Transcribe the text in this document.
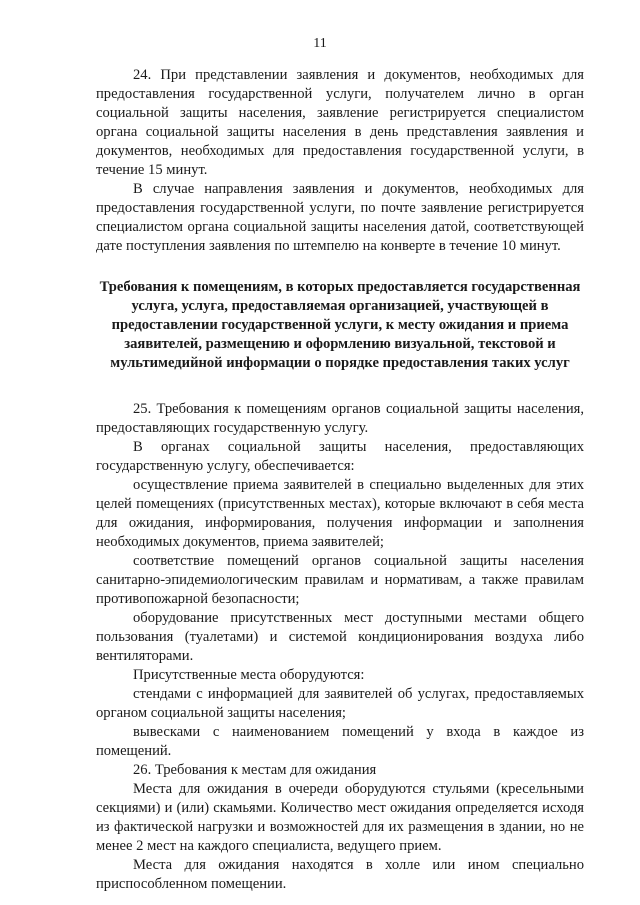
11

24. При представлении заявления и документов, необходимых для предоставления государственной услуги, получателем лично в орган социальной защиты населения, заявление регистрируется специалистом органа социальной защиты населения в день представления заявления и документов, необходимых для предоставления государственной услуги, в течение 15 минут.

В случае направления заявления и документов, необходимых для предоставления государственной услуги, по почте заявление регистрируется специалистом органа социальной защиты населения датой, соответствующей дате поступления заявления по штемпелю на конверте в течение 10 минут.

Требования к помещениям, в которых предоставляется государственная услуга, услуга, предоставляемая организацией, участвующей в предоставлении государственной услуги, к месту ожидания и приема заявителей, размещению и оформлению визуальной, текстовой и мультимедийной информации о порядке предоставления таких услуг

25. Требования к помещениям органов социальной защиты населения, предоставляющих государственную услугу.

В органах социальной защиты населения, предоставляющих государственную услугу, обеспечивается:

осуществление приема заявителей в специально выделенных для этих целей помещениях (присутственных местах), которые включают в себя места для ожидания, информирования, получения информации и заполнения необходимых документов, приема заявителей;

соответствие помещений органов социальной защиты населения санитарно-эпидемиологическим правилам и нормативам, а также правилам противопожарной безопасности;

оборудование присутственных мест доступными местами общего пользования (туалетами) и системой кондиционирования воздуха либо вентиляторами.

Присутственные места оборудуются:

стендами с информацией для заявителей об услугах, предоставляемых органом социальной защиты населения;

вывесками с наименованием помещений у входа в каждое из помещений.

26. Требования к местам для ожидания

Места для ожидания в очереди оборудуются стульями (кресельными секциями) и (или) скамьями. Количество мест ожидания определяется исходя из фактической нагрузки и возможностей для их размещения в здании, но не менее 2 мест на каждого специалиста, ведущего прием.

Места для ожидания находятся в холле или ином специально приспособленном помещении.
